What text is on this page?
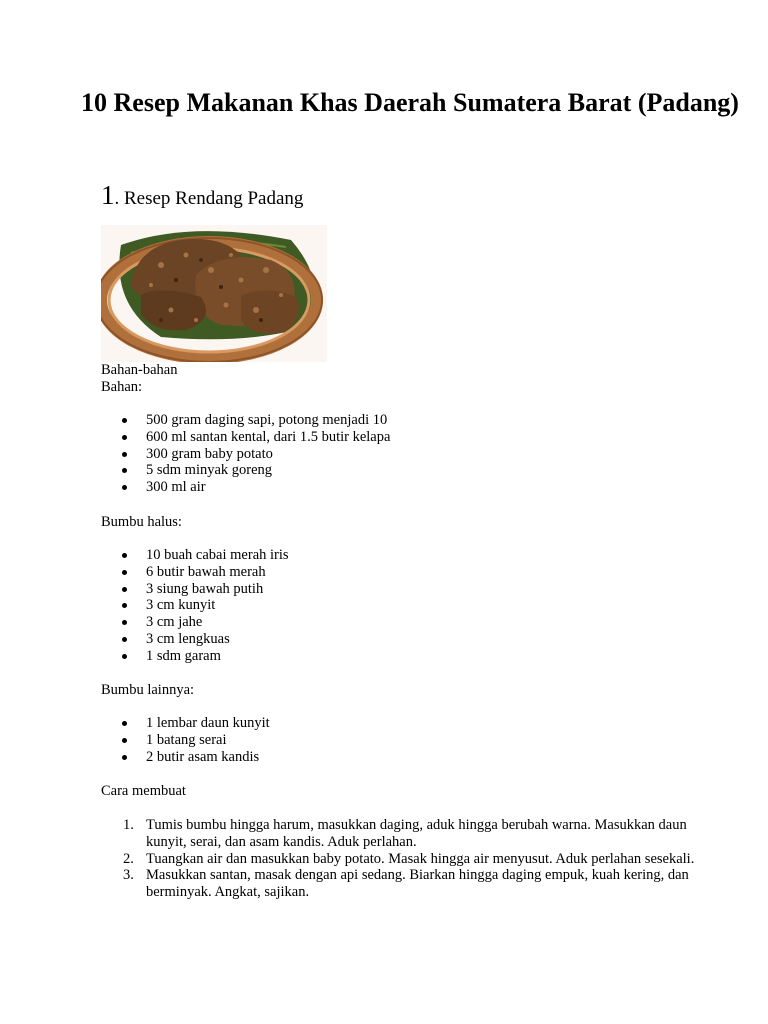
10 Resep Makanan Khas Daerah Sumatera Barat (Padang)
1. Resep Rendang Padang

Bahan-bahan

Bahan:

500 gram daging sapi, potong menjadi 10
600 ml santan kental, dari 1.5 butir kelapa
300 gram baby potato
5 sdm minyak goreng
300 ml air

Bumbu halus:

10 buah cabai merah iris
6 butir bawah merah
3 siung bawah putih
3 cm kunyit
3 cm jahe
3 cm lengkuas
1 sdm garam

Bumbu lainnya:

1 lembar daun kunyit
1 batang serai
2 butir asam kandis

Cara membuat

1. Tumis bumbu hingga harum, masukkan daging, aduk hingga berubah warna. Masukkan daun kunyit, serai, dan asam kandis. Aduk perlahan.
2. Tuangkan air dan masukkan baby potato. Masak hingga air menyusut. Aduk perlahan sesekali.
3. Masukkan santan, masak dengan api sedang. Biarkan hingga daging empuk, kuah kering, dan berminyak. Angkat, sajikan.
